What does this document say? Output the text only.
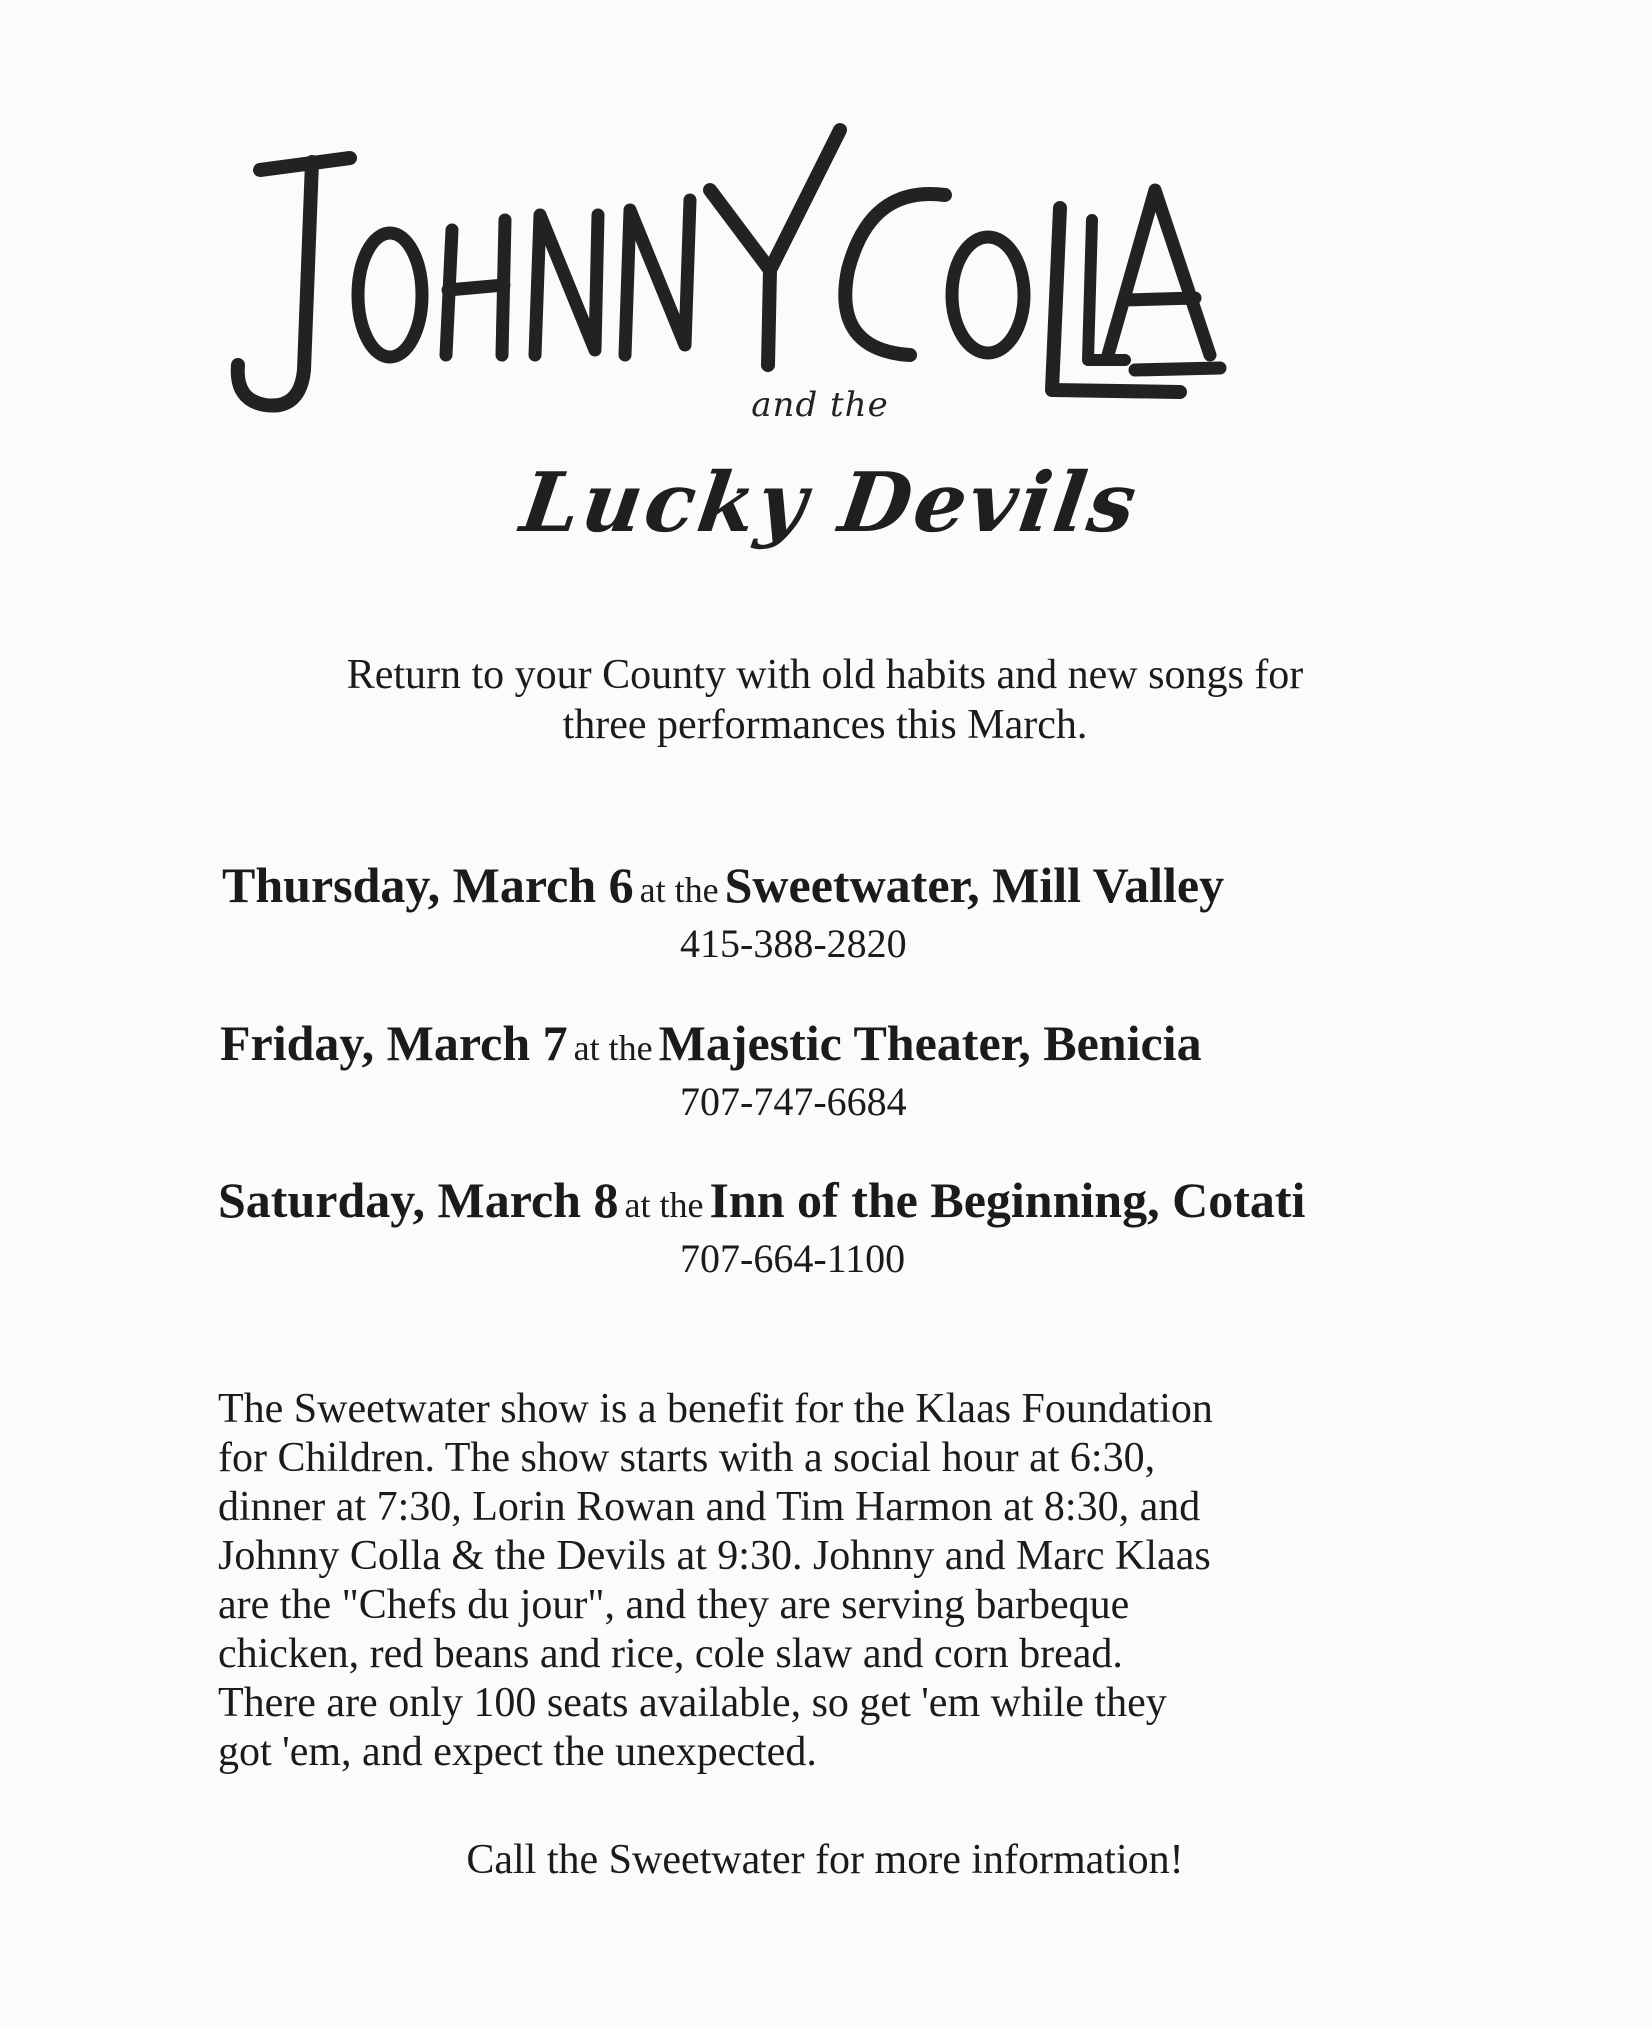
and the
Lucky Devils
Return to your County with old habits and new songs for
three performances this March.
Thursday, March 6 at the Sweetwater, Mill Valley
415-388-2820
Friday, March 7 at the Majestic Theater, Benicia
707-747-6684
Saturday, March 8 at the Inn of the Beginning, Cotati
707-664-1100

The Sweetwater show is a benefit for the Klaas Foundation

for Children. The show starts with a social hour at 6:30,

dinner at 7:30, Lorin Rowan and Tim Harmon at 8:30, and

Johnny Colla & the Devils at 9:30. Johnny and Marc Klaas

are the "Chefs du jour", and they are serving barbeque

chicken, red beans and rice, cole slaw and corn bread.

There are only 100 seats available, so get 'em while they

got 'em, and expect the unexpected.

Call the Sweetwater for more information!
